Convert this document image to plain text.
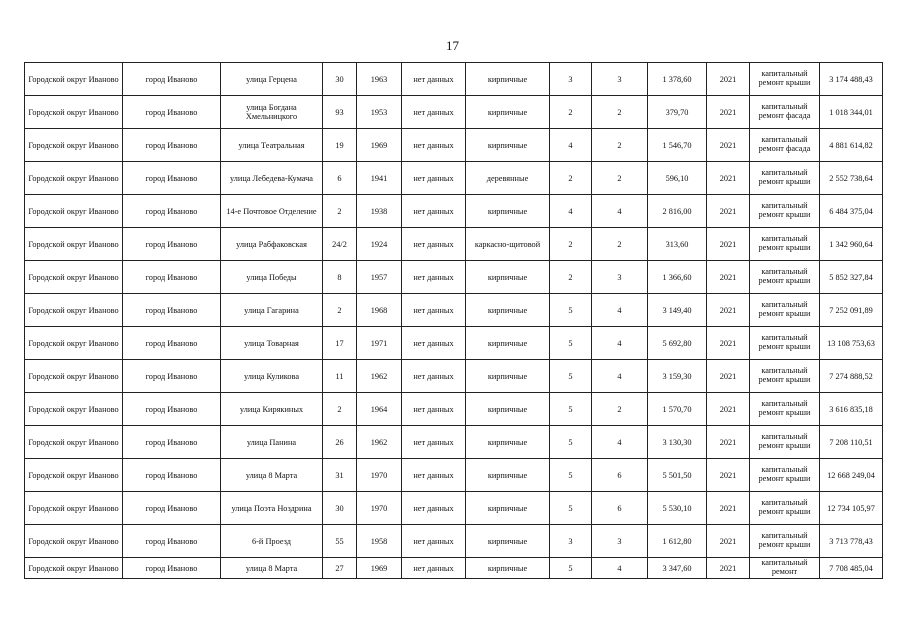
17
Городской округ Иваново	город Иваново	улица Герцена	30	1963	нет данных	кирпичные	3	3	1 378,60	2021	капитальный ремонт крыши	3 174 488,43
Городской округ Иваново	город Иваново	улица Богдана Хмельницкого	93	1953	нет данных	кирпичные	2	2	379,70	2021	капитальный ремонт фасада	1 018 344,01
Городской округ Иваново	город Иваново	улица Театральная	19	1969	нет данных	кирпичные	4	2	1 546,70	2021	капитальный ремонт фасада	4 881 614,82
Городской округ Иваново	город Иваново	улица Лебедева-Кумача	6	1941	нет данных	деревянные	2	2	596,10	2021	капитальный ремонт крыши	2 552 738,64
Городской округ Иваново	город Иваново	14-е Почтовое Отделение	2	1938	нет данных	кирпичные	4	4	2 816,00	2021	капитальный ремонт крыши	6 484 375,04
Городской округ Иваново	город Иваново	улица Рабфаковская	24/2	1924	нет данных	каркасно-щитовой	2	2	313,60	2021	капитальный ремонт крыши	1 342 960,64
Городской округ Иваново	город Иваново	улица Победы	8	1957	нет данных	кирпичные	2	3	1 366,60	2021	капитальный ремонт крыши	5 852 327,84
Городской округ Иваново	город Иваново	улица Гагарина	2	1968	нет данных	кирпичные	5	4	3 149,40	2021	капитальный ремонт крыши	7 252 091,89
Городской округ Иваново	город Иваново	улица Товарная	17	1971	нет данных	кирпичные	5	4	5 692,80	2021	капитальный ремонт крыши	13 108 753,63
Городской округ Иваново	город Иваново	улица Куликова	11	1962	нет данных	кирпичные	5	4	3 159,30	2021	капитальный ремонт крыши	7 274 888,52
Городской округ Иваново	город Иваново	улица Кирякиных	2	1964	нет данных	кирпичные	5	2	1 570,70	2021	капитальный ремонт крыши	3 616 835,18
Городской округ Иваново	город Иваново	улица Панина	26	1962	нет данных	кирпичные	5	4	3 130,30	2021	капитальный ремонт крыши	7 208 110,51
Городской округ Иваново	город Иваново	улица 8 Марта	31	1970	нет данных	кирпичные	5	6	5 501,50	2021	капитальный ремонт крыши	12 668 249,04
Городской округ Иваново	город Иваново	улица Поэта Ноздрина	30	1970	нет данных	кирпичные	5	6	5 530,10	2021	капитальный ремонт крыши	12 734 105,97
Городской округ Иваново	город Иваново	6-й Проезд	55	1958	нет данных	кирпичные	3	3	1 612,80	2021	капитальный ремонт крыши	3 713 778,43
Городской округ Иваново	город Иваново	улица 8 Марта	27	1969	нет данных	кирпичные	5	4	3 347,60	2021	капитальный ремонт	7 708 485,04
